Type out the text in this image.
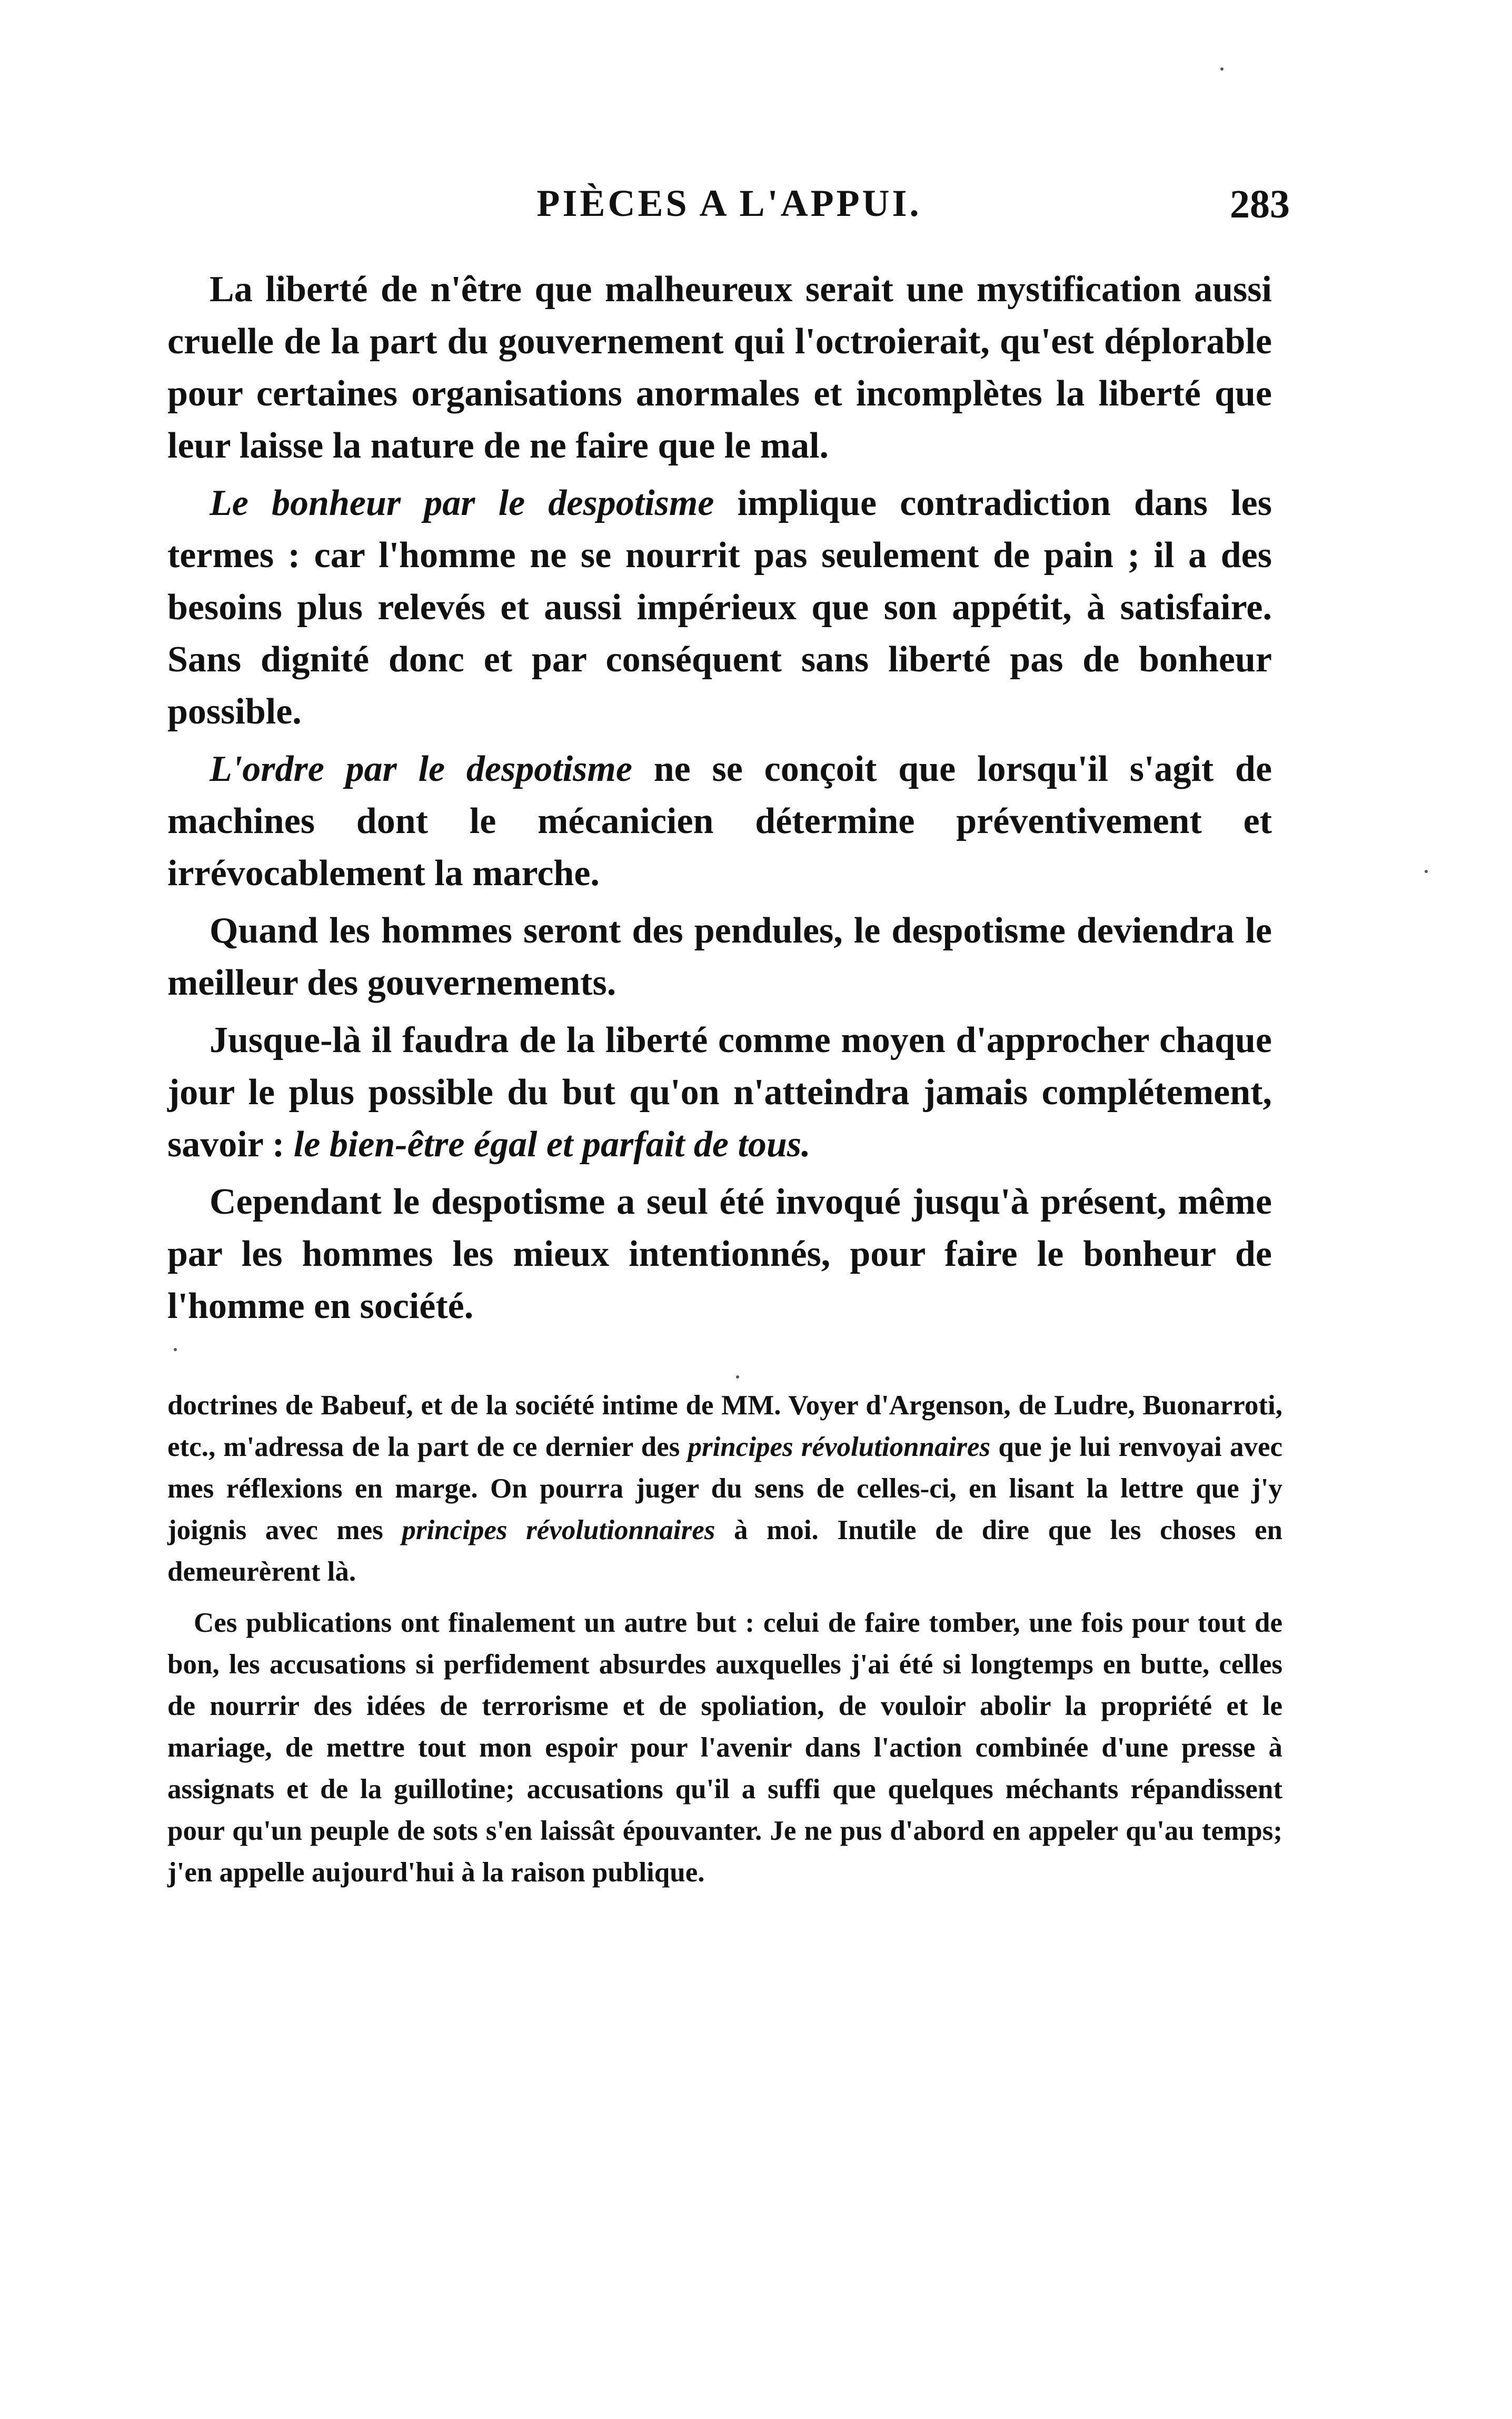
PIÈCES A L'APPUI.	283

La liberté de n'être que malheureux serait une mystification aussi cruelle de la part du gouvernement qui l'octroierait, qu'est déplorable pour certaines organisations anormales et incomplètes la liberté que leur laisse la nature de ne faire que le mal.

Le bonheur par le despotisme implique contradiction dans les termes : car l'homme ne se nourrit pas seulement de pain ; il a des besoins plus relevés et aussi impérieux que son appétit, à satisfaire. Sans dignité donc et par conséquent sans liberté pas de bonheur possible.

L'ordre par le despotisme ne se conçoit que lorsqu'il s'agit de machines dont le mécanicien détermine préventivement et irrévocablement la marche.

Quand les hommes seront des pendules, le despotisme deviendra le meilleur des gouvernements.

Jusque-là il faudra de la liberté comme moyen d'approcher chaque jour le plus possible du but qu'on n'atteindra jamais complétement, savoir : le bien-être égal et parfait de tous.

Cependant le despotisme a seul été invoqué jusqu'à présent, même par les hommes les mieux intentionnés, pour faire le bonheur de l'homme en société.

doctrines de Babeuf, et de la société intime de MM. Voyer d'Argenson, de Ludre, Buonarroti, etc., m'adressa de la part de ce dernier des principes révolutionnaires que je lui renvoyai avec mes réflexions en marge. On pourra juger du sens de celles-ci, en lisant la lettre que j'y joignis avec mes principes révolutionnaires à moi. Inutile de dire que les choses en demeurèrent là.

Ces publications ont finalement un autre but : celui de faire tomber, une fois pour tout de bon, les accusations si perfidement absurdes auxquelles j'ai été si longtemps en butte, celles de nourrir des idées de terrorisme et de spoliation, de vouloir abolir la propriété et le mariage, de mettre tout mon espoir pour l'avenir dans l'action combinée d'une presse à assignats et de la guillotine; accusations qu'il a suffi que quelques méchants répandissent pour qu'un peuple de sots s'en laissât épouvanter. Je ne pus d'abord en appeler qu'au temps; j'en appelle aujourd'hui à la raison publique.
